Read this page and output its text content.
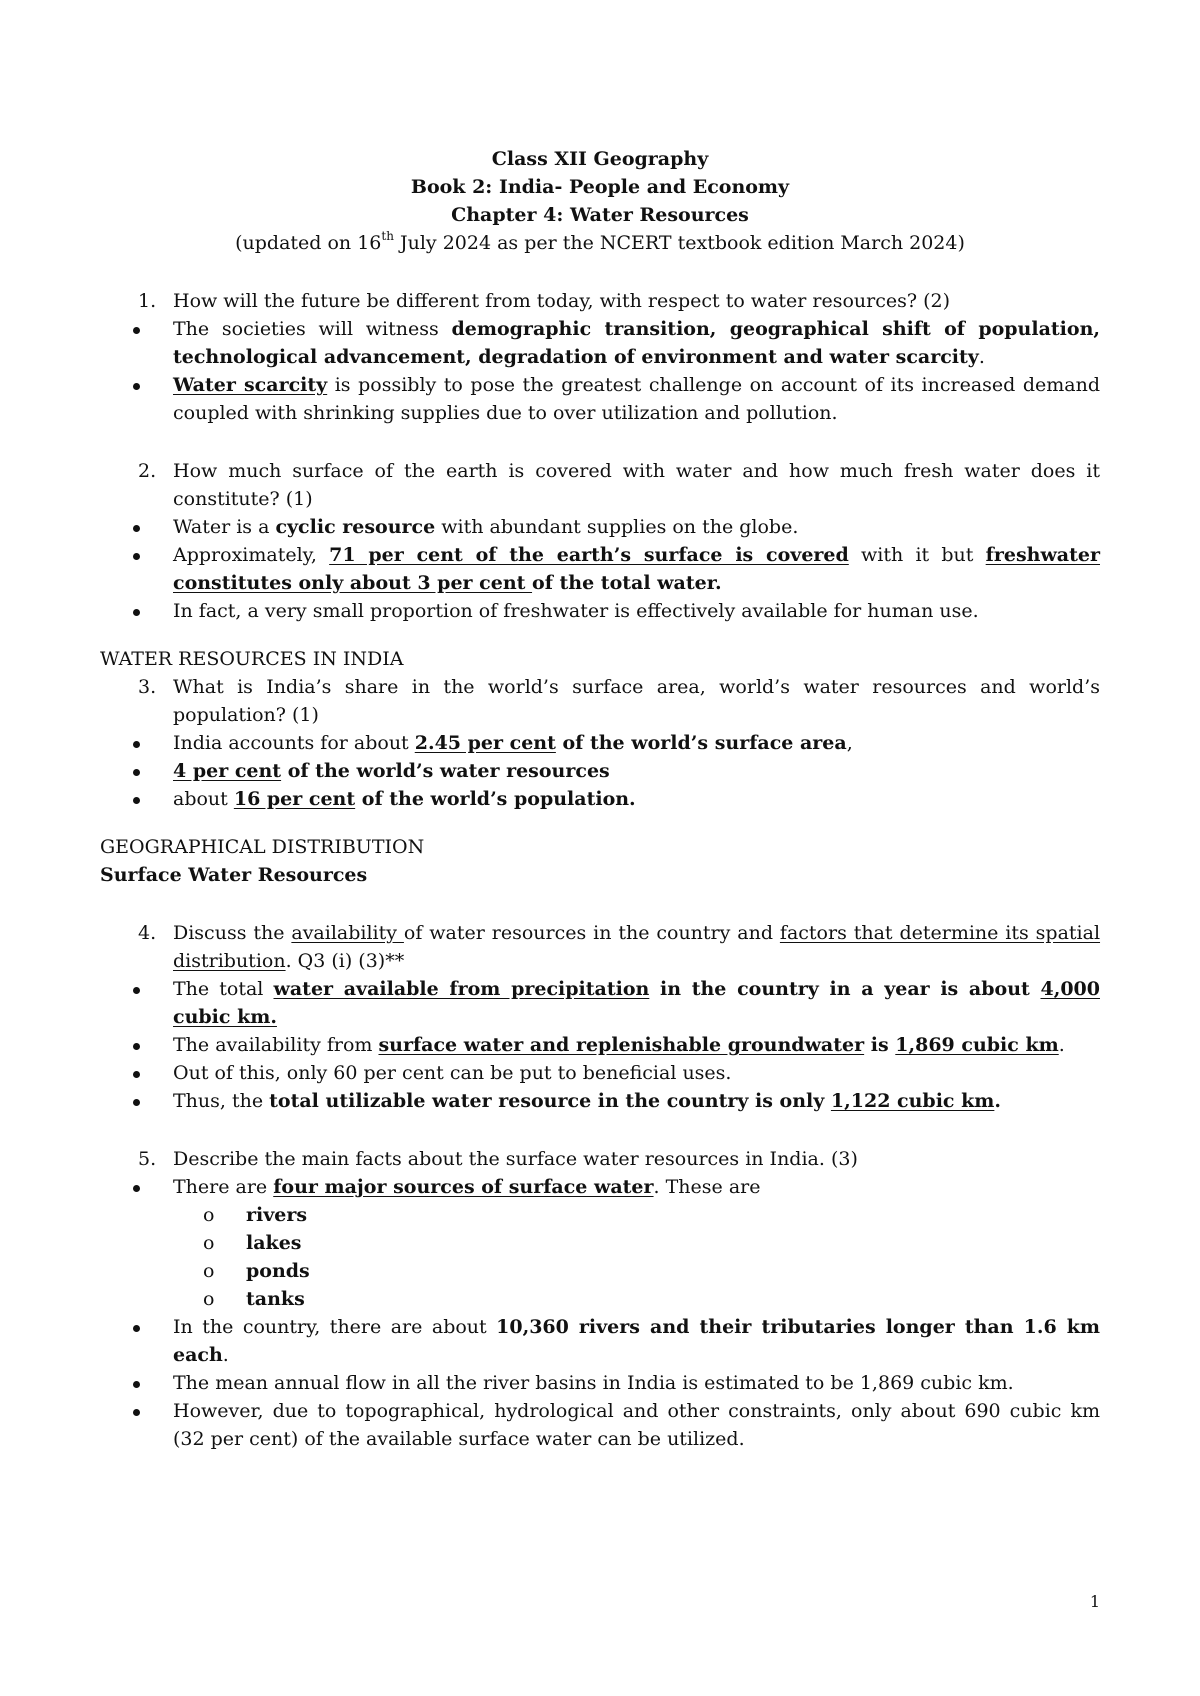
Class XII Geography

Book 2: India- People and Economy

Chapter 4: Water Resources

(updated on 16th July 2024 as per the NCERT textbook edition March 2024)

1. How will the future be different from today, with respect to water resources? (2)
The societies will witness demographic transition, geographical shift of population, technological advancement, degradation of environment and water scarcity.
Water scarcity is possibly to pose the greatest challenge on account of its increased demand coupled with shrinking supplies due to over utilization and pollution.
2. How much surface of the earth is covered with water and how much fresh water does it constitute? (1)
Water is a cyclic resource with abundant supplies on the globe.
Approximately, 71 per cent of the earth’s surface is covered with it but freshwater constitutes only about 3 per cent of the total water.
In fact, a very small proportion of freshwater is effectively available for human use.

WATER RESOURCES IN INDIA

3. What is India’s share in the world’s surface area, world’s water resources and world’s population? (1)
India accounts for about 2.45 per cent of the world’s surface area,
4 per cent of the world’s water resources
about 16 per cent of the world’s population.

GEOGRAPHICAL DISTRIBUTION

Surface Water Resources

4. Discuss the availability of water resources in the country and factors that determine its spatial distribution. Q3 (i) (3)**
The total water available from precipitation in the country in a year is about 4,000 cubic km.
The availability from surface water and replenishable groundwater is 1,869 cubic km.
Out of this, only 60 per cent can be put to beneficial uses.
Thus, the total utilizable water resource in the country is only 1,122 cubic km.
5. Describe the main facts about the surface water resources in India. (3)
There are four major sources of surface water. These are
o rivers
o lakes
o ponds
o tanks
In the country, there are about 10,360 rivers and their tributaries longer than 1.6 km each.
The mean annual flow in all the river basins in India is estimated to be 1,869 cubic km.
However, due to topographical, hydrological and other constraints, only about 690 cubic km (32 per cent) of the available surface water can be utilized.
1
